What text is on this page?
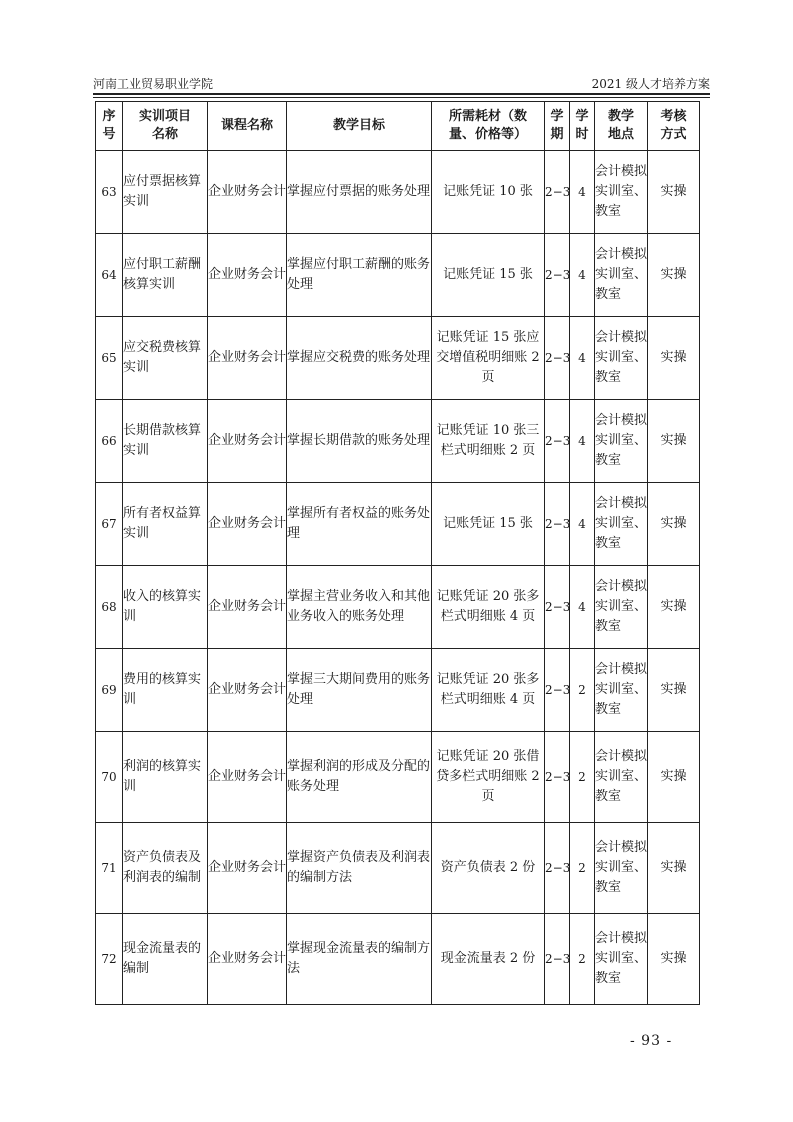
河南工业贸易职业学院	2021 级人才培养方案
序号	实训项目名称	课程名称	教学目标	所需耗材（数量、价格等）	学期	学时	教学地点	考核方式
63	应付票据核算实训	企业财务会计	掌握应付票据的账务处理	记账凭证 10 张	2−3	4	会计模拟实训室、教室	实操
64	应付职工薪酬核算实训	企业财务会计	掌握应付职工薪酬的账务处理	记账凭证 15 张	2−3	4	会计模拟实训室、教室	实操
65	应交税费核算实训	企业财务会计	掌握应交税费的账务处理	记账凭证 15 张应交增值税明细账 2 页	2−3	4	会计模拟实训室、教室	实操
66	长期借款核算实训	企业财务会计	掌握长期借款的账务处理	记账凭证 10 张三栏式明细账 2 页	2−3	4	会计模拟实训室、教室	实操
67	所有者权益算实训	企业财务会计	掌握所有者权益的账务处理	记账凭证 15 张	2−3	4	会计模拟实训室、教室	实操
68	收入的核算实训	企业财务会计	掌握主营业务收入和其他业务收入的账务处理	记账凭证 20 张多栏式明细账 4 页	2−3	4	会计模拟实训室、教室	实操
69	费用的核算实训	企业财务会计	掌握三大期间费用的账务处理	记账凭证 20 张多栏式明细账 4 页	2−3	2	会计模拟实训室、教室	实操
70	利润的核算实训	企业财务会计	掌握利润的形成及分配的账务处理	记账凭证 20 张借贷多栏式明细账 2 页	2−3	2	会计模拟实训室、教室	实操
71	资产负债表及利润表的编制	企业财务会计	掌握资产负债表及利润表的编制方法	资产负债表 2 份	2−3	2	会计模拟实训室、教室	实操
72	现金流量表的编制	企业财务会计	掌握现金流量表的编制方法	现金流量表 2 份	2−3	2	会计模拟实训室、教室	实操
- 93 -
